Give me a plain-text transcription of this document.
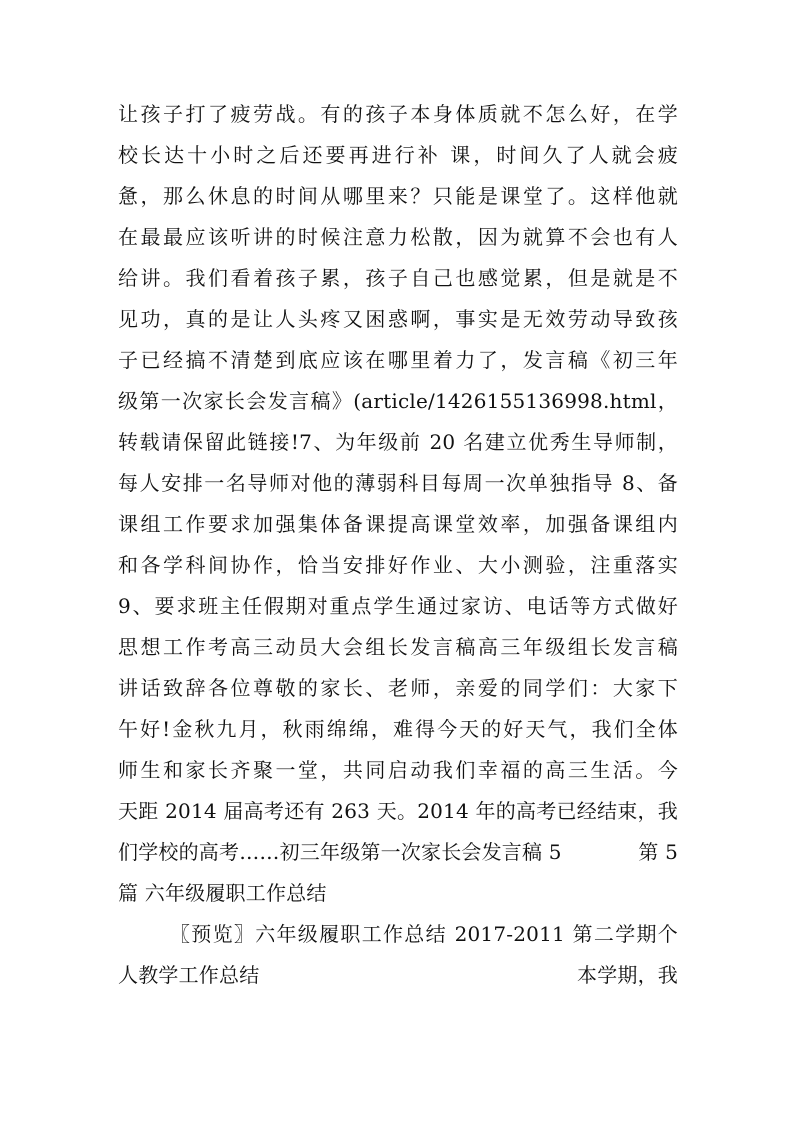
让孩子打了疲劳战。有的孩子本身体质就不怎么好，在学
校长达十小时之后还要再进行补 课，时间久了人就会疲
惫，那么休息的时间从哪里来？只能是课堂了。这样他就
在最最应该听讲的时候注意力松散，因为就算不会也有人
给讲。我们看着孩子累，孩子自己也感觉累，但是就是不
见功，真的是让人头疼又困惑啊，事实是无效劳动导致孩
子已经搞不清楚到底应该在哪里着力了，发言稿《初三年
级第一次家长会发言稿》(article/1426155136998.html，
转载请保留此链接!7、为年级前 20 名建立优秀生导师制，
每人安排一名导师对他的薄弱科目每周一次单独指导 8、备
课组工作要求加强集体备课提高课堂效率，加强备课组内
和各学科间协作，恰当安排好作业、大小测验，注重落实
9、要求班主任假期对重点学生通过家访、电话等方式做好
思想工作考高三动员大会组长发言稿高三年级组长发言稿
讲话致辞各位尊敬的家长、老师，亲爱的同学们：大家下
午好!金秋九月，秋雨绵绵，难得今天的好天气，我们全体
师生和家长齐聚一堂，共同启动我们幸福的高三生活。今
天距 2014 届高考还有 263 天。2014 年的高考已经结束，我
们学校的高考……初三年级第一次家长会发言稿 5	第 5
篇 六年级履职工作总结
〖预览〗六年级履职工作总结 2017-2011 第二学期个
人教学工作总结	本学期，我
